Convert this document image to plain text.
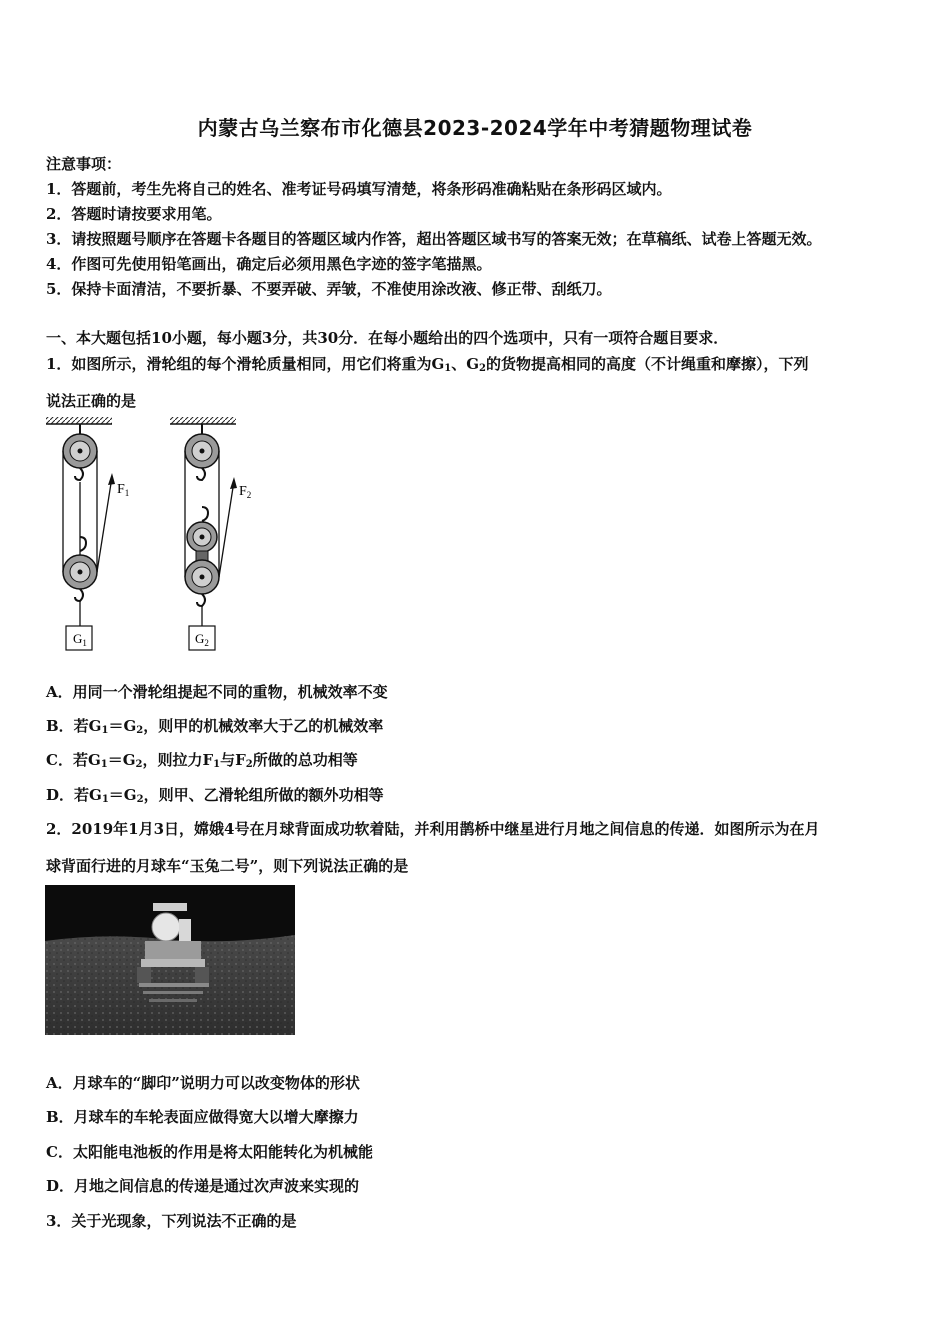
内蒙古乌兰察布市化德县2023-2024学年中考猜题物理试卷
注意事项：
1．答题前，考生先将自己的姓名、准考证号码填写清楚，将条形码准确粘贴在条形码区域内。
2．答题时请按要求用笔。
3．请按照题号顺序在答题卡各题目的答题区域内作答，超出答题区域书写的答案无效；在草稿纸、试卷上答题无效。
4．作图可先使用铅笔画出，确定后必须用黑色字迹的签字笔描黑。
5．保持卡面清洁，不要折暴、不要弄破、弄皱，不准使用涂改液、修正带、刮纸刀。
一、本大题包括10小题，每小题3分，共30分．在每小题给出的四个选项中，只有一项符合题目要求．
1．如图所示，滑轮组的每个滑轮质量相同，用它们将重为$G_1$、$G_2$的货物提高相同的高度（不计绳重和摩擦），下列
说法正确的是
$G_1$
$F_1$
$G_2$
$F_2$
A．用同一个滑轮组提起不同的重物，机械效率不变
B．若$G_1=G_2$，则甲的机械效率大于乙的机械效率
C．若$G_1=G_2$，则拉力$F_1$与$F_2$所做的总功相等
D．若$G_1=G_2$，则甲、乙滑轮组所做的额外功相等
2．2019年1月3日，嫦娥4号在月球背面成功软着陆，并利用鹊桥中继星进行月地之间信息的传递．如图所示为在月
球背面行进的月球车“玉兔二号”，则下列说法正确的是
A．月球车的“脚印”说明力可以改变物体的形状
B．月球车的车轮表面应做得宽大以增大摩擦力
C．太阳能电池板的作用是将太阳能转化为机械能
D．月地之间信息的传递是通过次声波来实现的
3．关于光现象，下列说法不正确的是
